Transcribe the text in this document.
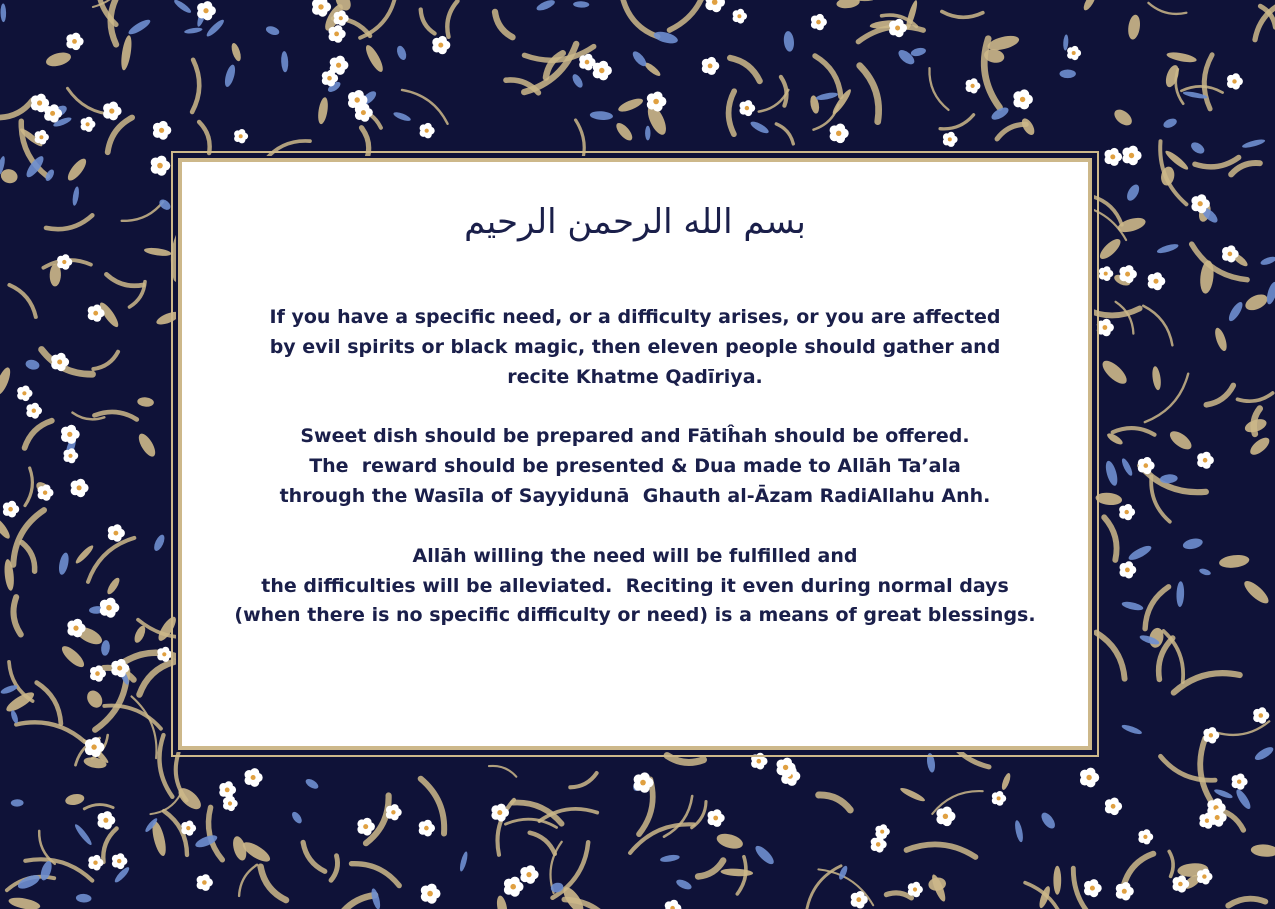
بسم الله الرحمن الرحيم

If you have a specific need, or a difficulty arises, or you are affected
by evil spirits or black magic, then eleven people should gather and
recite Khatme Qadīriya.

Sweet dish should be prepared and Fātiĥah should be offered.
The  reward should be presented & Dua made to Allāh Ta’ala
through the Wasīla of Sayyidunā  Ghauth al-Āzam RadiAllahu Anh.

Allāh willing the need will be fulfilled and
the difficulties will be alleviated.  Reciting it even during normal days
(when there is no specific difficulty or need) is a means of great blessings.
